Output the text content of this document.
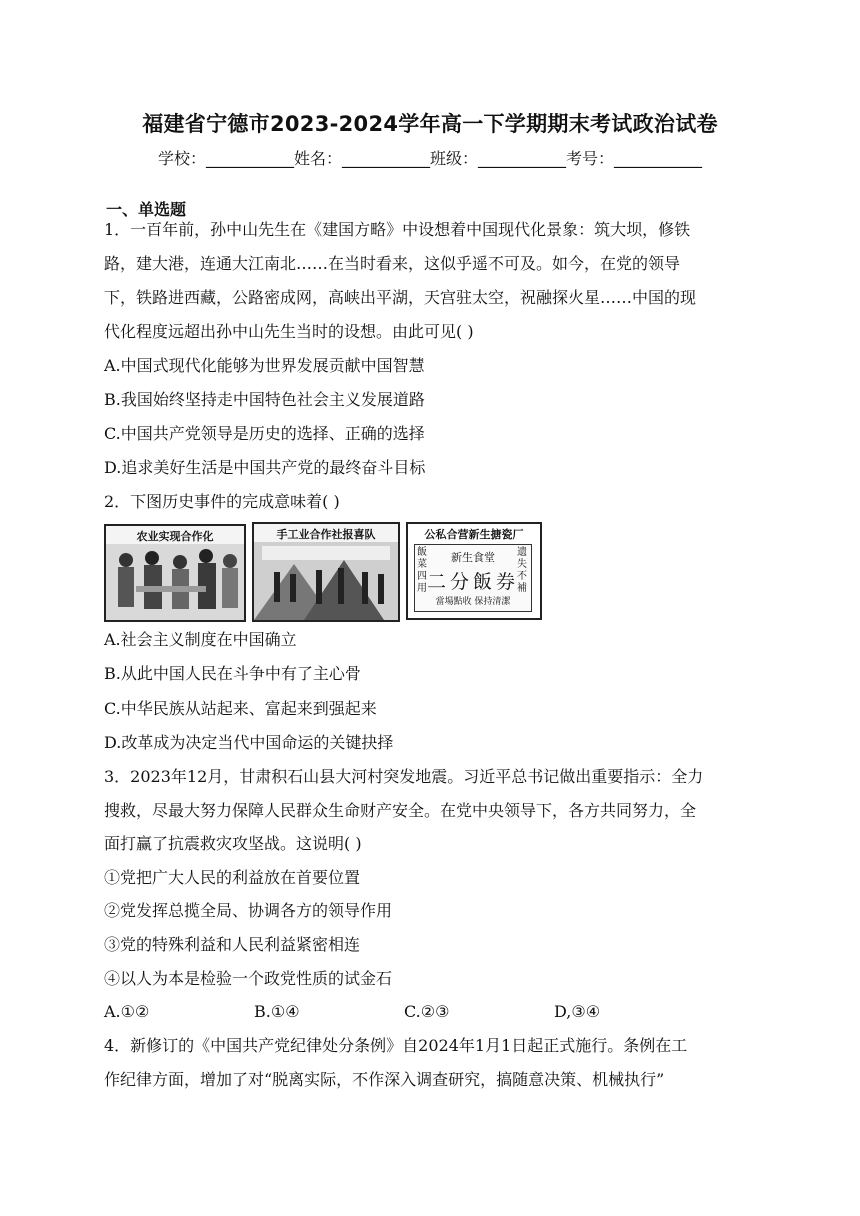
福建省宁德市2023-2024学年高一下学期期末考试政治试卷
学校：___________姓名：___________班级：___________考号：___________
一、单选题
1．一百年前，孙中山先生在《建国方略》中设想着中国现代化景象：筑大坝，修铁
路，建大港，连通大江南北……在当时看来，这似乎遥不可及。如今，在党的领导
下，铁路进西藏，公路密成网，高峡出平湖，天宫驻太空，祝融探火星……中国的现
代化程度远超出孙中山先生当时的设想。由此可见( )
A.中国式现代化能够为世界发展贡献中国智慧
B.我国始终坚持走中国特色社会主义发展道路
C.中国共产党领导是历史的选择、正确的选择
D.追求美好生活是中国共产党的最终奋斗目标
2．下图历史事件的完成意味着( )
农业实现合作化	手工业合作社报喜队	公私合营新生搪瓷厂
飯菜四用
遗失不補
新生食堂
二分飯券
當場點收 保持清潔
A.社会主义制度在中国确立
B.从此中国人民在斗争中有了主心骨
C.中华民族从站起来、富起来到强起来
D.改革成为决定当代中国命运的关键抉择
3．2023年12月，甘肃积石山县大河村突发地震。习近平总书记做出重要指示：全力
搜救，尽最大努力保障人民群众生命财产安全。在党中央领导下，各方共同努力，全
面打赢了抗震救灾攻坚战。这说明( )
①党把广大人民的利益放在首要位置
②党发挥总揽全局、协调各方的领导作用
③党的特殊利益和人民利益紧密相连
④以人为本是检验一个政党性质的试金石
A.①②	B.①④	C.②③	D,③④
4．新修订的《中国共产党纪律处分条例》自2024年1月1日起正式施行。条例在工
作纪律方面，增加了对“脱离实际，不作深入调查研究，搞随意决策、机械执行”
